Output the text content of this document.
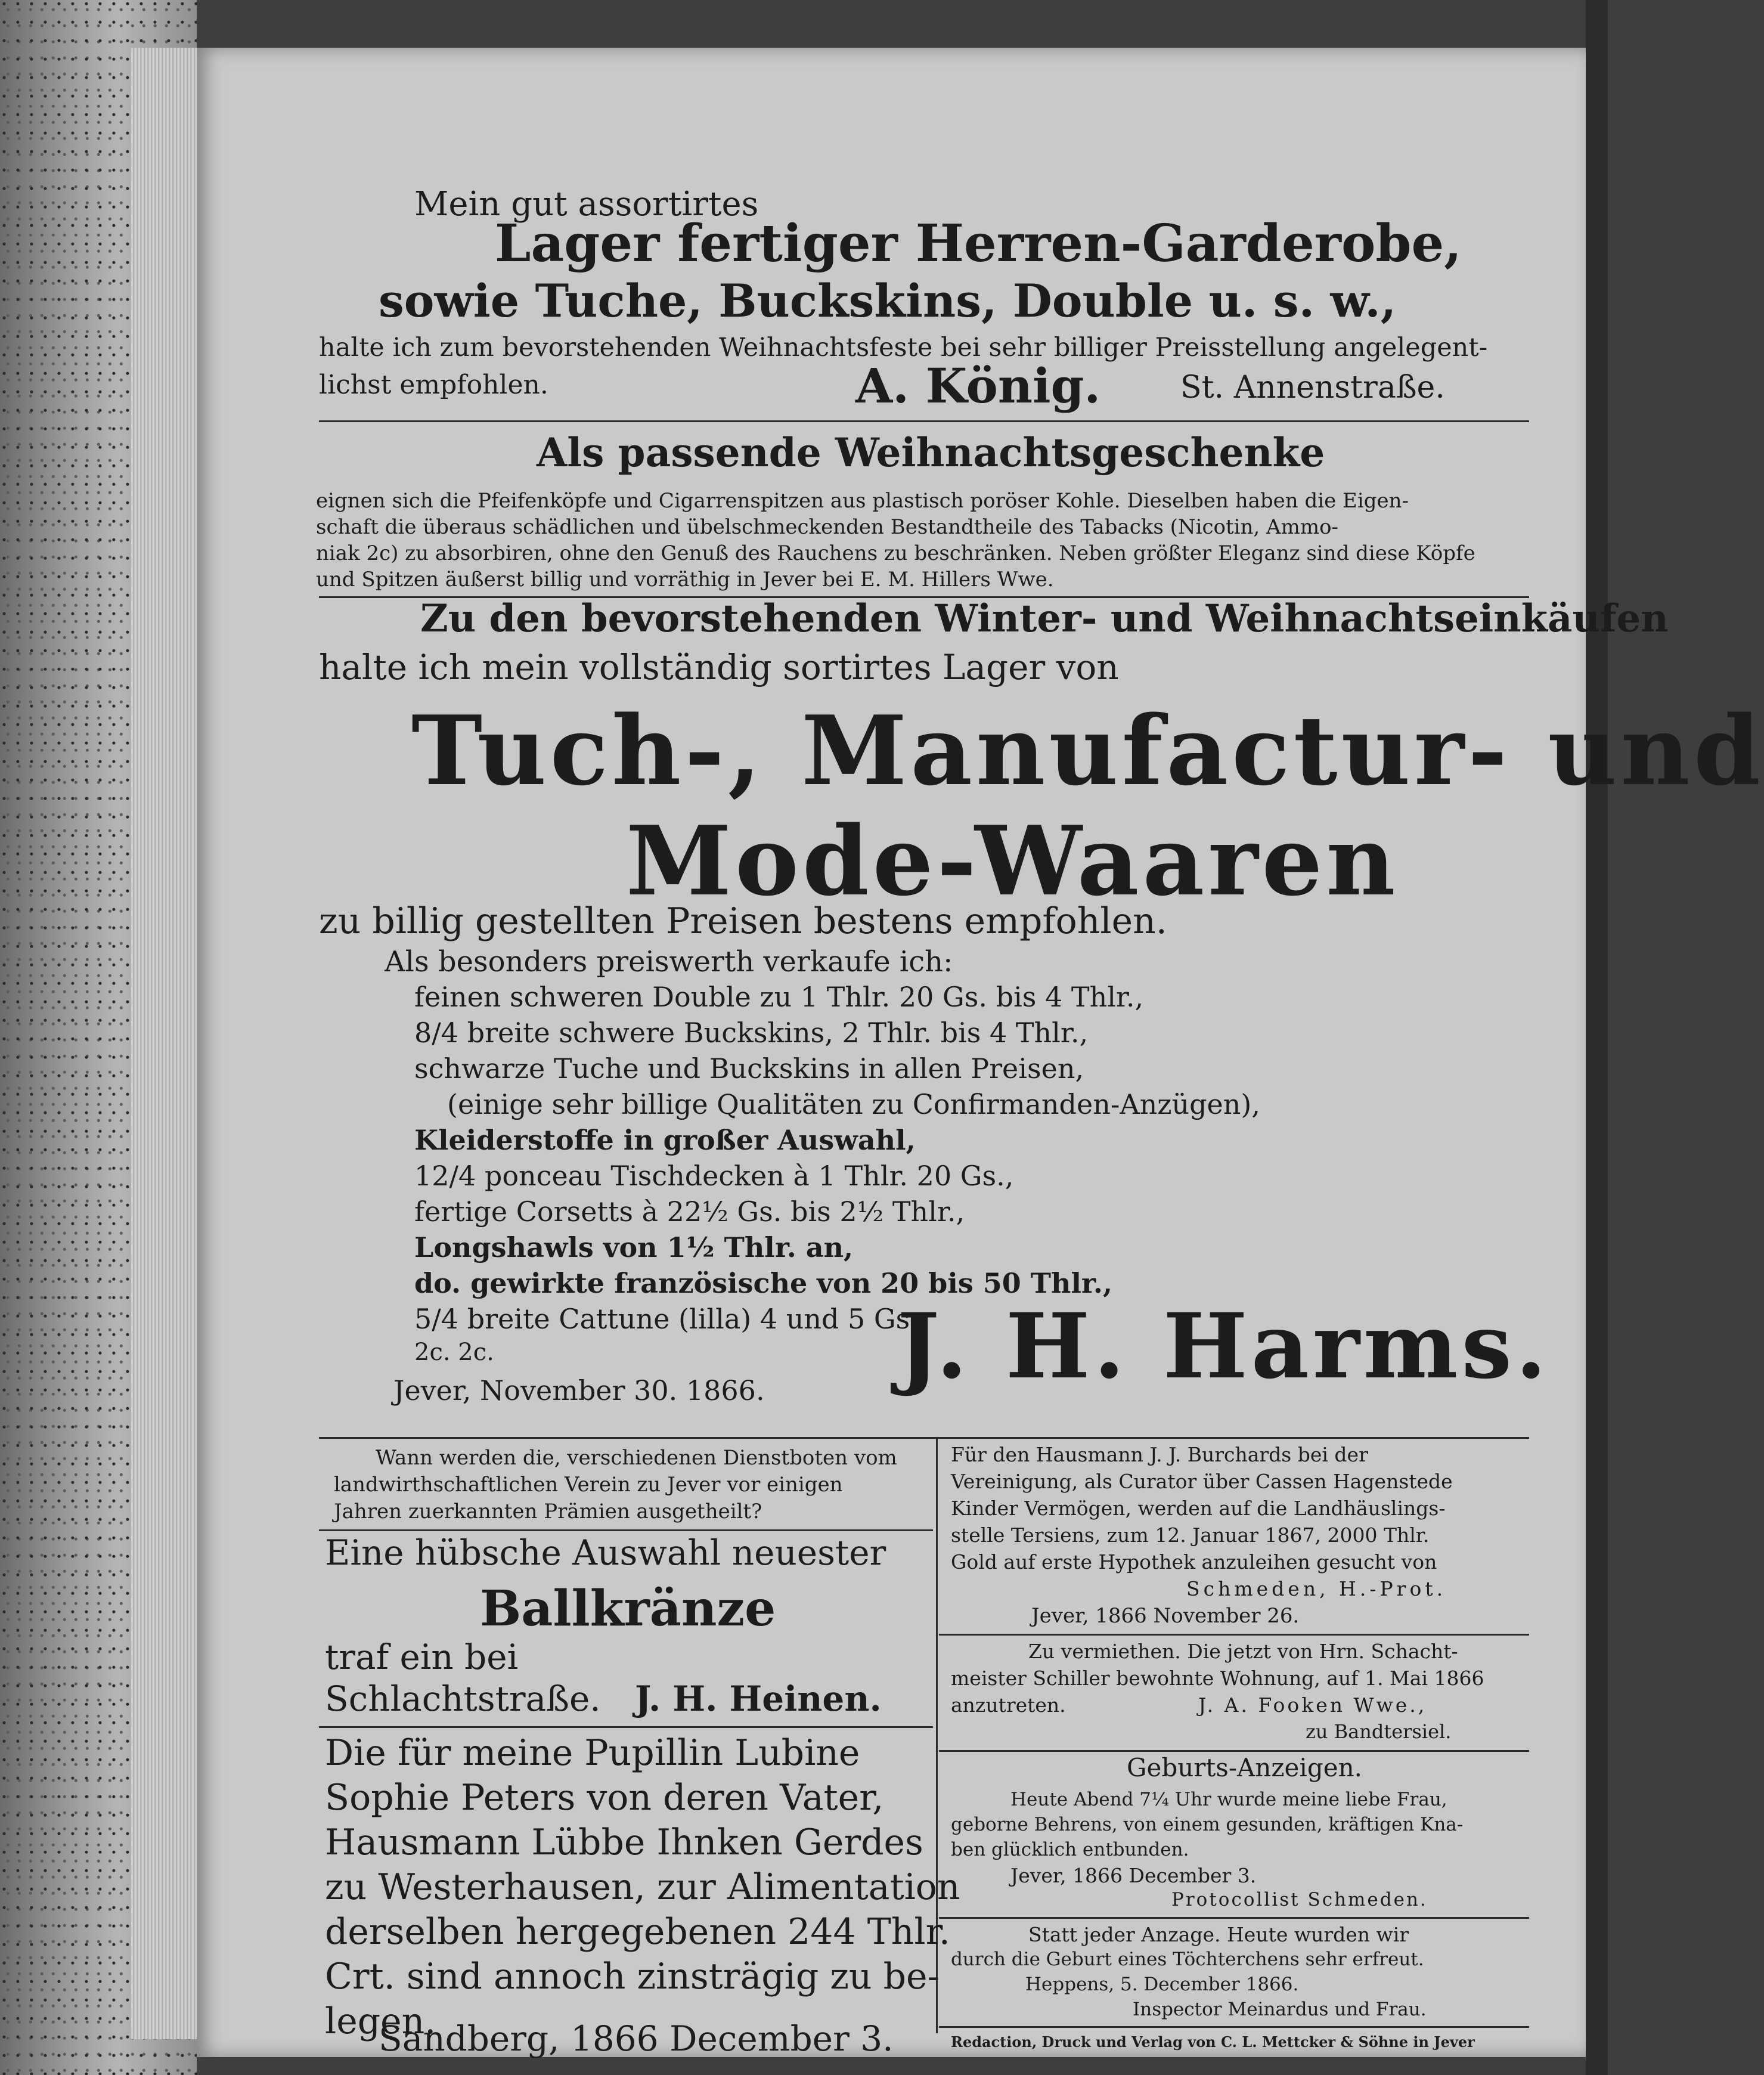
Mein gut assortirtes
Lager fertiger Herren-Garderobe,
sowie Tuche, Buckskins, Double u. s. w.,
halte ich zum bevorstehenden Weihnachtsfeste bei sehr billiger Preisstellung angelegent-
lichst empfohlen.	A. König.	St. Annenstraße.
Als passende Weihnachtsgeschenke
eignen sich die Pfeifenköpfe und Cigarrenspitzen aus plastisch poröser Kohle. Dieselben haben die Eigen-
schaft die überaus schädlichen und übelschmeckenden Bestandtheile des Tabacks (Nicotin, Ammo-
niak 2c) zu absorbiren, ohne den Genuß des Rauchens zu beschränken. Neben größter Eleganz sind diese Köpfe
und Spitzen äußerst billig und vorräthig in Jever bei E. M. Hillers Wwe.
Zu den bevorstehenden Winter- und Weihnachtseinkäufen
halte ich mein vollständig sortirtes Lager von
Tuch-, Manufactur- und
Mode-Waaren
zu billig gestellten Preisen bestens empfohlen.
Als besonders preiswerth verkaufe ich:
feinen schweren Double zu 1 Thlr. 20 Gs. bis 4 Thlr.,
8/4 breite schwere Buckskins, 2 Thlr. bis 4 Thlr.,
schwarze Tuche und Buckskins in allen Preisen,
(einige sehr billige Qualitäten zu Confirmanden-Anzügen),
Kleiderstoffe in großer Auswahl,
12/4 ponceau Tischdecken à 1 Thlr. 20 Gs.,
fertige Corsetts à 22½ Gs. bis 2½ Thlr.,
Longshawls von 1½ Thlr. an,
do. gewirkte französische von 20 bis 50 Thlr.,
5/4 breite Cattune (lilla) 4 und 5 Gs.,
2c. 2c.
Jever, November 30. 1866. J. H. Harms.
Wann werden die, verschiedenen Dienstboten vom
landwirthschaftlichen Verein zu Jever vor einigen
Jahren zuerkannten Prämien ausgetheilt?
Eine hübsche Auswahl neuester
Ballkränze
traf ein bei
Schlachtstraße. J. H. Heinen.
Die für meine Pupillin Lubine
Sophie Peters von deren Vater,
Hausmann Lübbe Ihnken Gerdes
zu Westerhausen, zur Alimentation
derselben hergegebenen 244 Thlr.
Crt. sind annoch zinsträgig zu be-
legen.
Sandberg, 1866 December 3.
Für den Hausmann J. J. Burchards bei der
Vereinigung, als Curator über Cassen Hagenstede
Kinder Vermögen, werden auf die Landhäuslings-
stelle Tersiens, zum 12. Januar 1867, 2000 Thlr.
Gold auf erste Hypothek anzuleihen gesucht von
Schmeden, H.-Prot.
Jever, 1866 November 26.
Zu vermiethen. Die jetzt von Hrn. Schacht-
meister Schiller bewohnte Wohnung, auf 1. Mai 1866
anzutreten.	J. A. Fooken Wwe.,
zu Bandtersiel.
Geburts-Anzeigen.
Heute Abend 7¼ Uhr wurde meine liebe Frau,
geborne Behrens, von einem gesunden, kräftigen Kna-
ben glücklich entbunden.
Jever, 1866 December 3.
Protocollist Schmeden.
Statt jeder Anzage. Heute wurden wir
durch die Geburt eines Töchterchens sehr erfreut.
Heppens, 5. December 1866.
Inspector Meinardus und Frau.
Redaction, Druck und Verlag von C. L. Mettcker & Söhne in Jever
